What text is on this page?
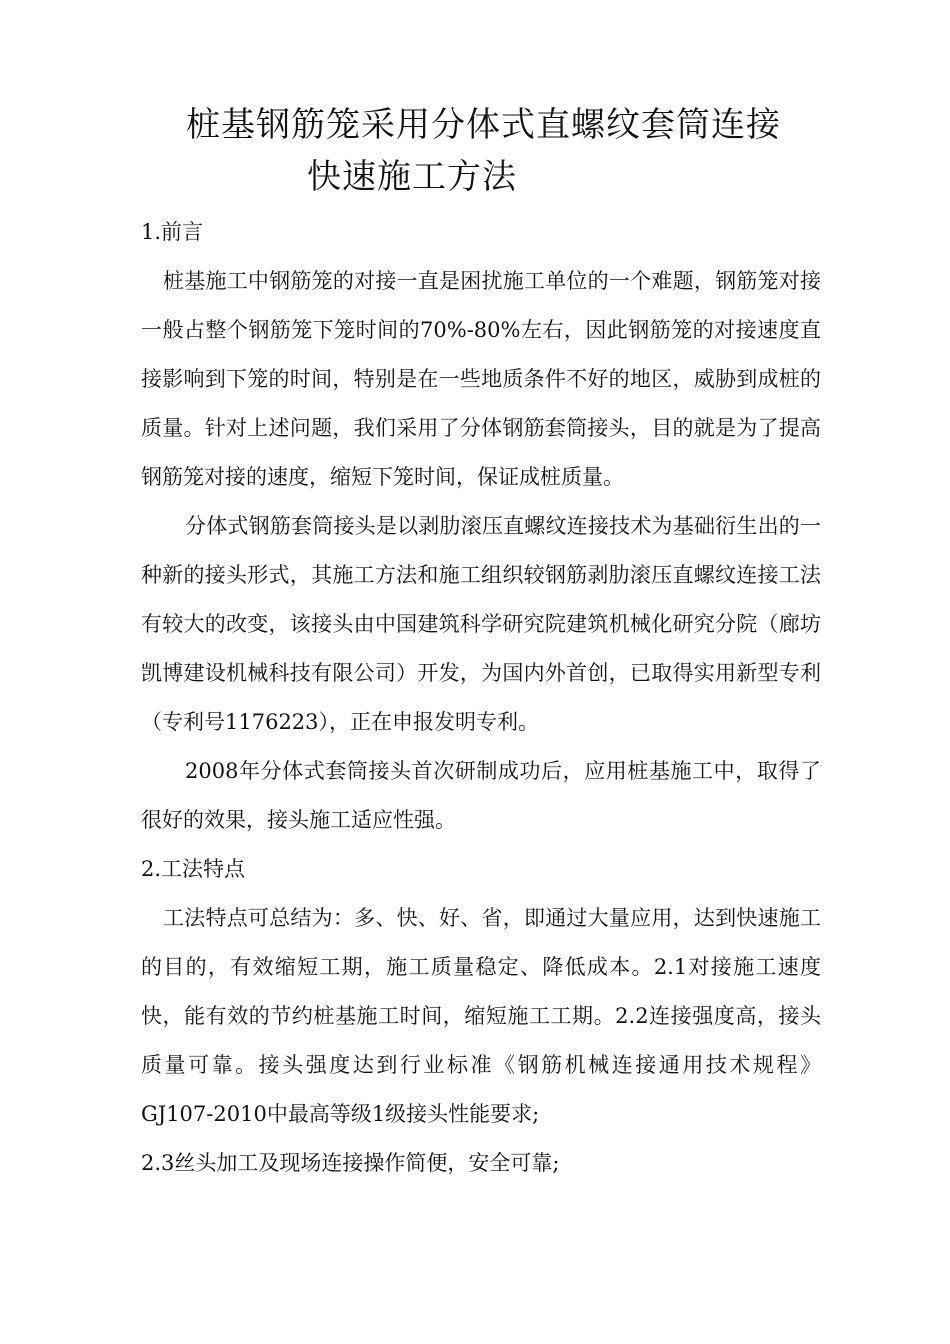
桩基钢筋笼采用分体式直螺纹套筒连接
快速施工方法

1.前言

桩基施工中钢筋笼的对接一直是困扰施工单位的一个难题，钢筋笼对接一般占整个钢筋笼下笼时间的70%-80%左右，因此钢筋笼的对接速度直接影响到下笼的时间，特别是在一些地质条件不好的地区，威胁到成桩的质量。针对上述问题，我们采用了分体钢筋套筒接头，目的就是为了提高钢筋笼对接的速度，缩短下笼时间，保证成桩质量。

分体式钢筋套筒接头是以剥肋滚压直螺纹连接技术为基础衍生出的一种新的接头形式，其施工方法和施工组织较钢筋剥肋滚压直螺纹连接工法有较大的改变，该接头由中国建筑科学研究院建筑机械化研究分院（廊坊凯博建设机械科技有限公司）开发，为国内外首创，已取得实用新型专利（专利号1176223），正在申报发明专利。

2008年分体式套筒接头首次研制成功后，应用桩基施工中，取得了很好的效果，接头施工适应性强。

2.工法特点

工法特点可总结为：多、快、好、省，即通过大量应用，达到快速施工的目的，有效缩短工期，施工质量稳定、降低成本。2.1对接施工速度快，能有效的节约桩基施工时间，缩短施工工期。2.2连接强度高，接头质量可靠。接头强度达到行业标准《钢筋机械连接通用技术规程》GJ107-2010中最高等级1级接头性能要求;

2.3丝头加工及现场连接操作简便，安全可靠;
